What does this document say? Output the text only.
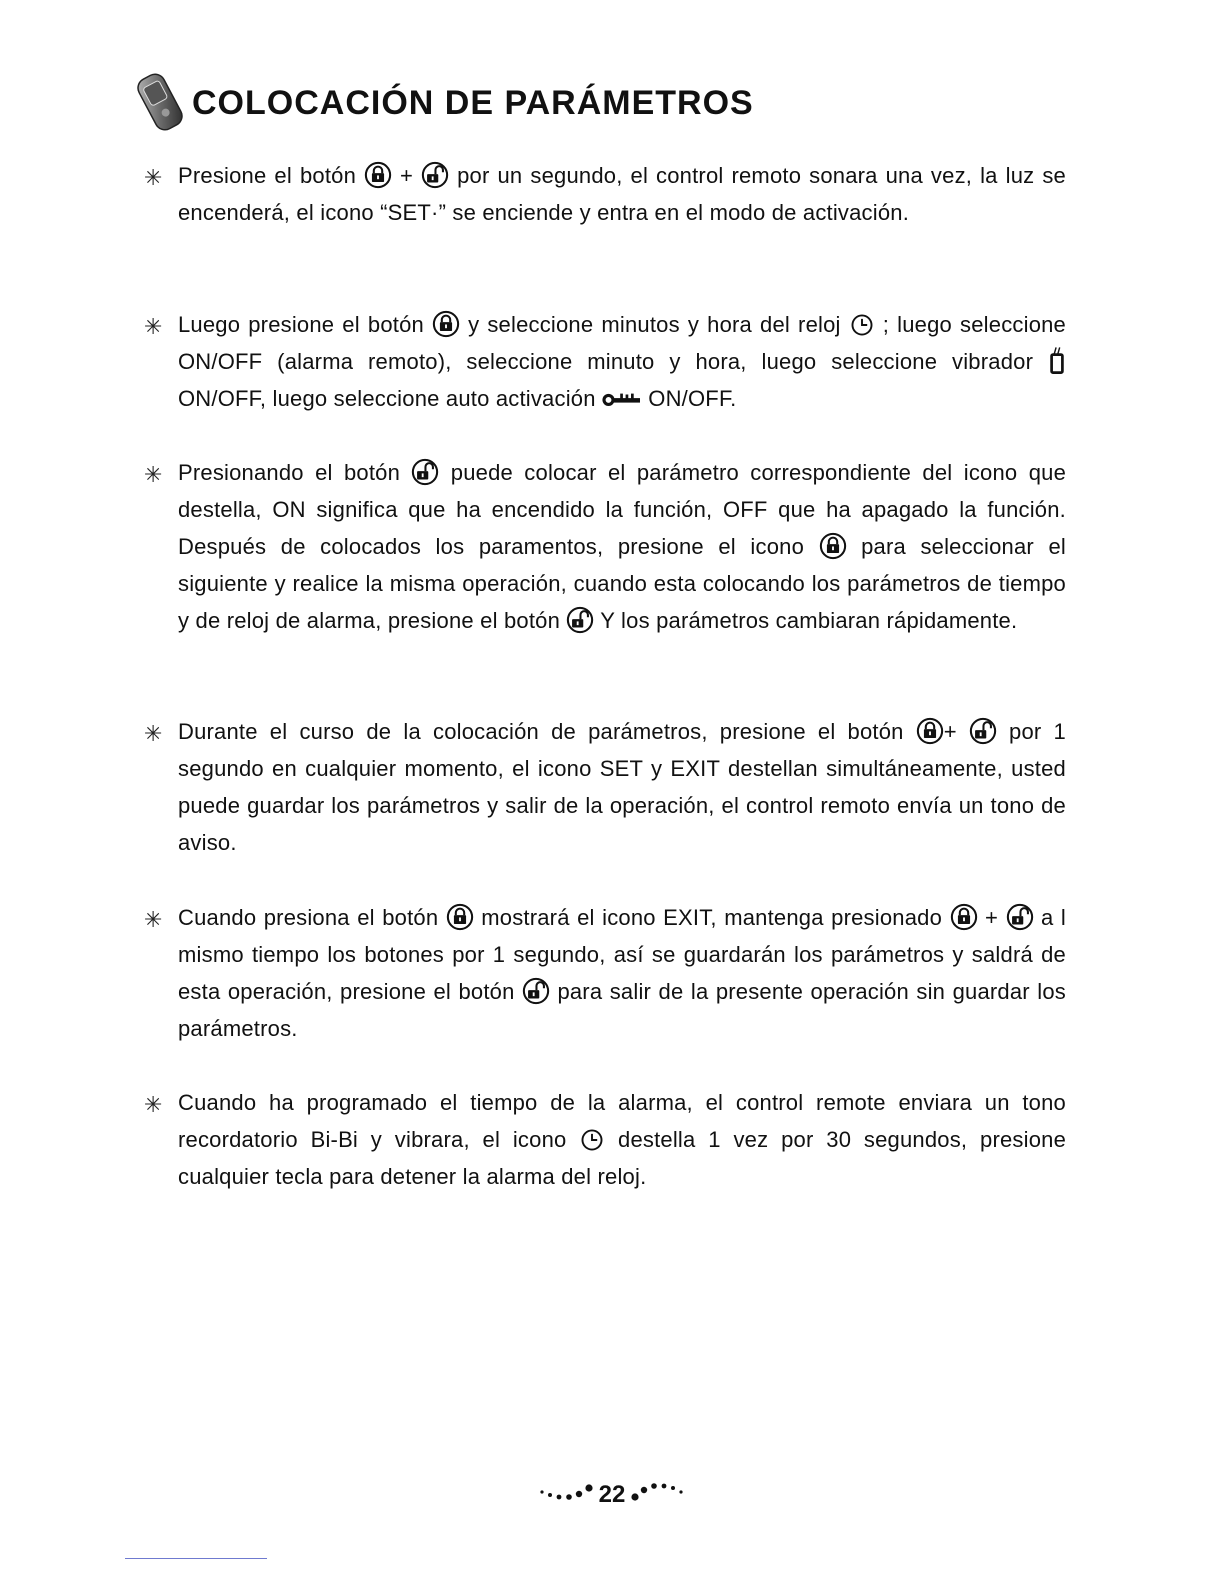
COLOCACIÓN DE PARÁMETROS
✳ Presione el botón  +  por un segundo, el control remoto sonara una vez, la luz se encenderá, el icono “SET·” se enciende y entra en el modo de activación.
✳ Luego presione el botón  y seleccione minutos y hora del reloj  ; luego seleccione ON/OFF (alarma remoto), seleccione minuto y hora, luego seleccione vibrador  ON/OFF, luego seleccione auto activación  ON/OFF.
✳ Presionando el botón  puede colocar el parámetro correspondiente del icono que destella, ON significa que ha encendido la función, OFF que ha apagado la función. Después de colocados los paramentos, presione el icono  para seleccionar el siguiente y realice la misma operación, cuando esta colocando los parámetros de tiempo y de reloj de alarma, presione el botón  Y los parámetros cambiaran rápidamente.
✳ Durante el curso de la colocación de parámetros, presione el botón +  por 1 segundo en cualquier momento, el icono SET y EXIT destellan simultáneamente, usted puede guardar los parámetros y salir de la operación, el control remoto envía un tono de aviso.
✳ Cuando presiona el botón  mostrará el icono EXIT, mantenga presionado  +  a l mismo tiempo los botones por 1 segundo, así se guardarán los parámetros y saldrá de esta operación, presione el botón  para salir de la presente operación sin guardar los parámetros.
✳ Cuando ha programado el tiempo de la alarma, el control remote enviara un tono recordatorio Bi-Bi y vibrara, el icono  destella 1 vez por 30 segundos, presione cualquier tecla para detener la alarma del reloj.
22
